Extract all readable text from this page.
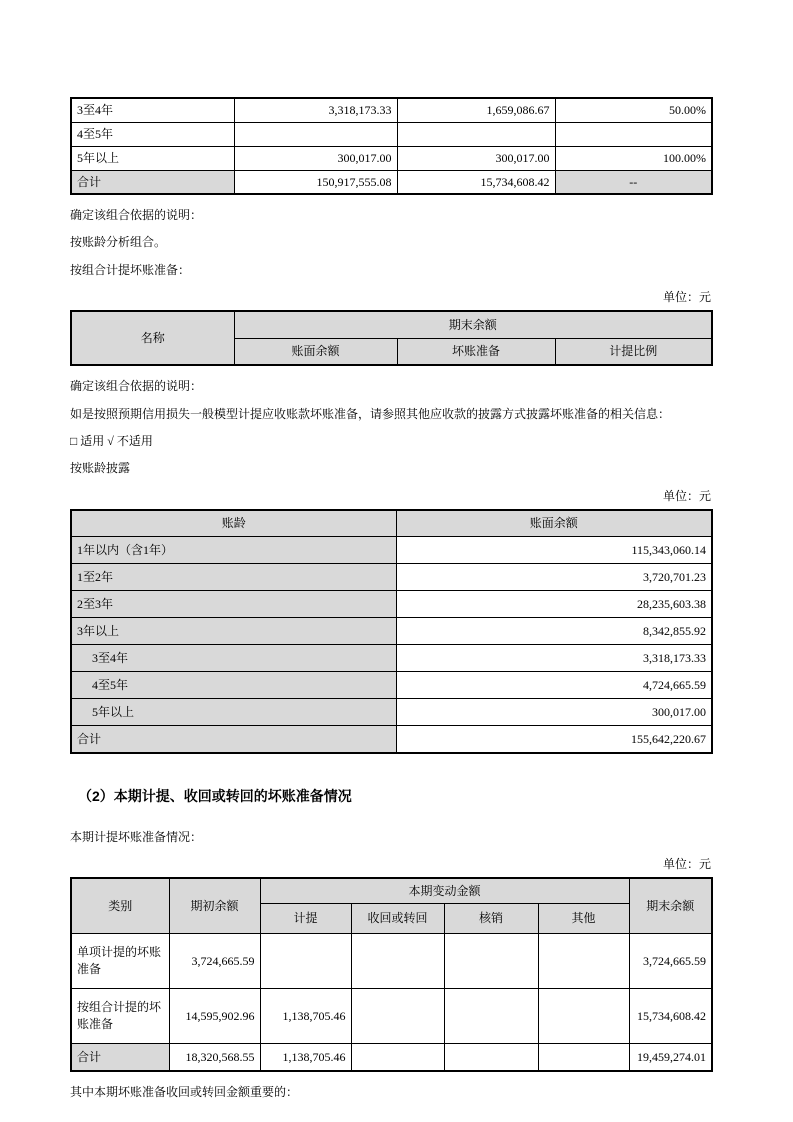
3至4年	3,318,173.33	1,659,086.67	50.00%
4至5年			
5年以上	300,017.00	300,017.00	100.00%
合计	150,917,555.08	15,734,608.42	--
确定该组合依据的说明：
按账龄分析组合。
按组合计提坏账准备：
单位：元
名称	期末余额		
	账面余额	坏账准备	计提比例
确定该组合依据的说明：
如是按照预期信用损失一般模型计提应收账款坏账准备，请参照其他应收款的披露方式披露坏账准备的相关信息：
□ 适用 √ 不适用
按账龄披露
单位：元
账龄	账面余额
1年以内（含1年）	115,343,060.14
1至2年	3,720,701.23
2至3年	28,235,603.38
3年以上	8,342,855.92
3至4年	3,318,173.33
4至5年	4,724,665.59
5年以上	300,017.00
合计	155,642,220.67
（2）本期计提、收回或转回的坏账准备情况
本期计提坏账准备情况：
单位：元
类别	期初余额	本期变动金额				期末余额
		计提	收回或转回	核销	其他	
单项计提的坏账准备	3,724,665.59					3,724,665.59
按组合计提的坏账准备	14,595,902.96	1,138,705.46				15,734,608.42
合计	18,320,568.55	1,138,705.46				19,459,274.01
其中本期坏账准备收回或转回金额重要的：
